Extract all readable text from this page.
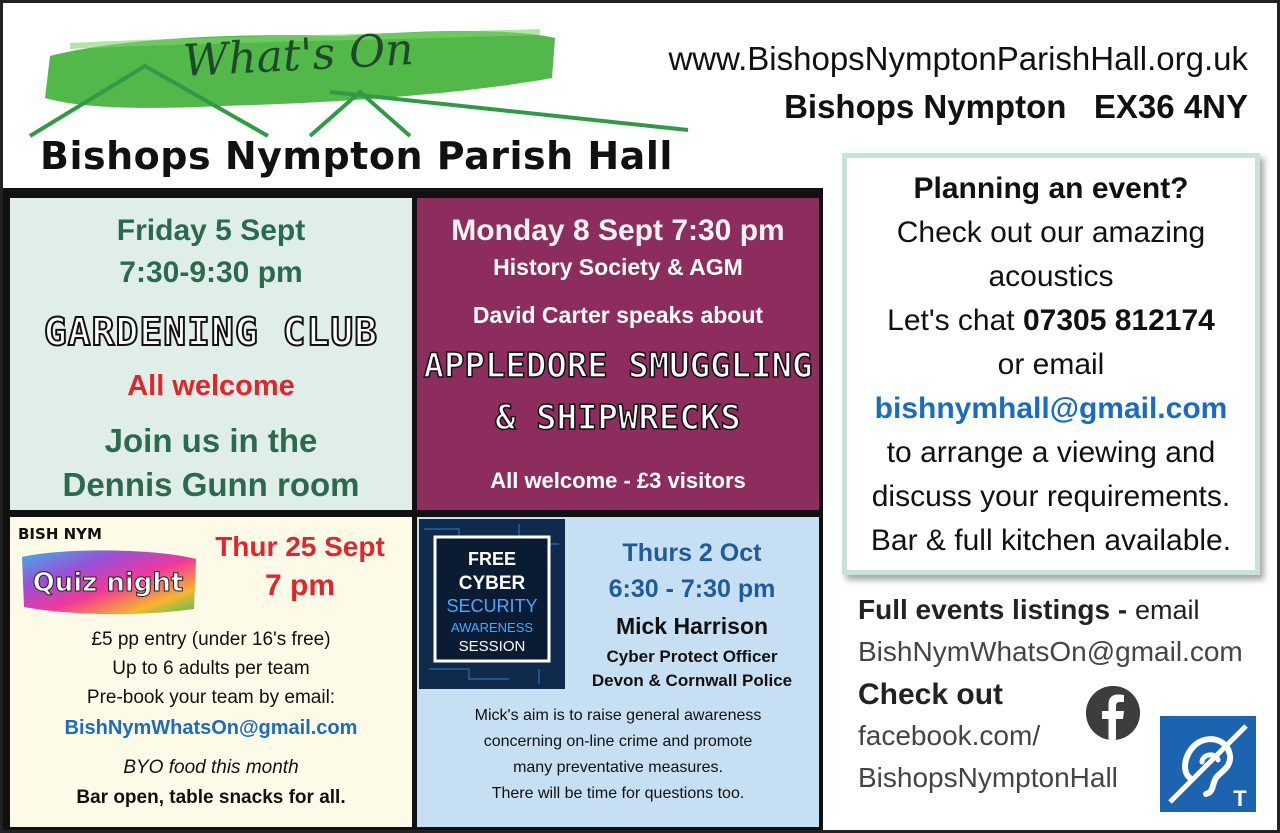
What's On
Bishops Nympton Parish Hall
www.BishopsNymptonParishHall.org.uk
Bishops Nympton   EX36 4NY
Friday 5 Sept
7:30-9:30 pm
GARDENING CLUB
All welcome
Join us in the
Dennis Gunn room
Monday 8 Sept 7:30 pm
History Society & AGM
David Carter speaks about
APPLEDORE SMUGGLING
& SHIPWRECKS
All welcome - £3 visitors
BISH NYM
Quiz night
Thur 25 Sept
7 pm
£5 pp entry (under 16's free)
Up to 6 adults per team
Pre-book your team by email:
BishNymWhatsOn@gmail.com
BYO food this month
Bar open, table snacks for all.
FREE
CYBER
SECURITY
AWARENESS
SESSION
Thurs 2 Oct
6:30 - 7:30 pm
Mick Harrison
Cyber Protect Officer
Devon & Cornwall Police
Mick's aim is to raise general awareness
concerning on-line crime and promote
many preventative measures.
There will be time for questions too.
Planning an event?
Check out our amazing
acoustics
Let's chat 07305 812174
or email
bishnymhall@gmail.com
to arrange a viewing and
discuss your requirements.
Bar & full kitchen available.
Full events listings - email
BishNymWhatsOn@gmail.com
Check out
facebook.com/
BishopsNymptonHall
T
